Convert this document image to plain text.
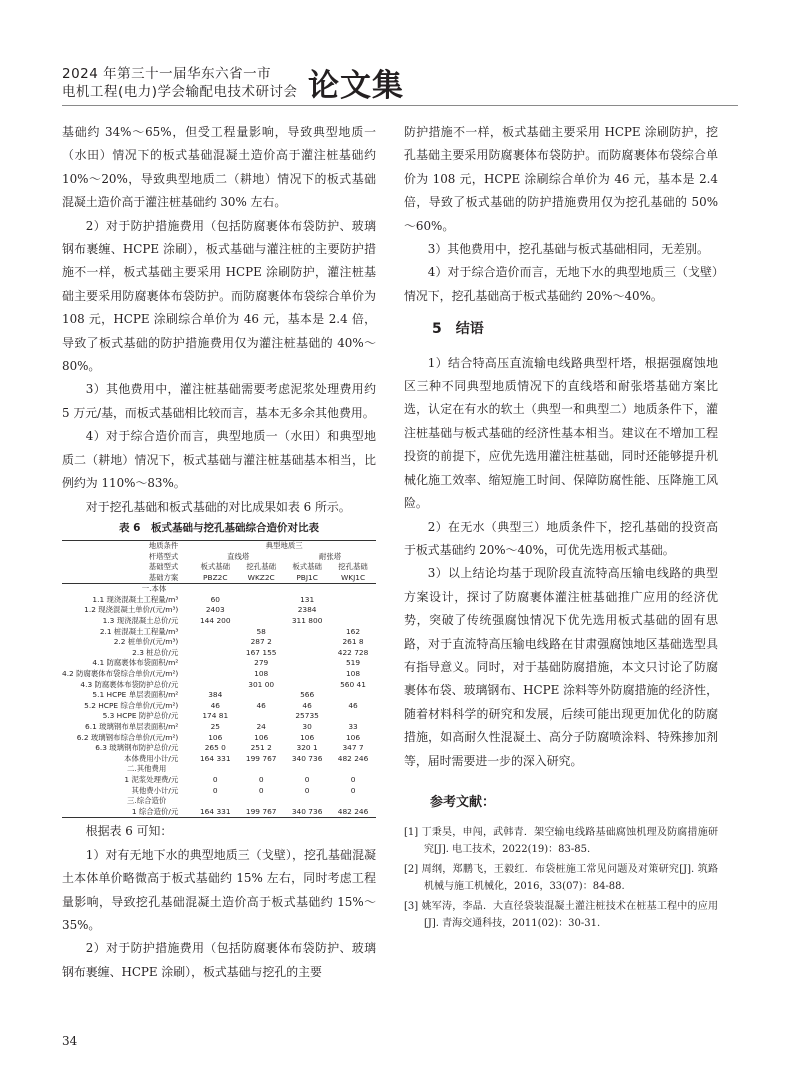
2024 年第三十一届华东六省一市
电机工程(电力)学会输配电技术研讨会 论文集

基础约 34%～65%，但受工程量影响，导致典型地质一（水田）情况下的板式基础混凝土造价高于灌注桩基础约 10%～20%，导致典型地质二（耕地）情况下的板式基础混凝土造价高于灌注桩基础约 30% 左右。

2）对于防护措施费用（包括防腐裹体布袋防护、玻璃钢布裹缠、HCPE 涂刷），板式基础与灌注桩的主要防护措施不一样，板式基础主要采用 HCPE 涂刷防护，灌注桩基础主要采用防腐裹体布袋防护。而防腐裹体布袋综合单价为 108 元，HCPE 涂刷综合单价为 46 元，基本是 2.4 倍，导致了板式基础的防护措施费用仅为灌注桩基础的 40%～80%。

3）其他费用中，灌注桩基础需要考虑泥浆处理费用约 5 万元/基，而板式基础相比较而言，基本无多余其他费用。

4）对于综合造价而言，典型地质一（水田）和典型地质二（耕地）情况下，板式基础与灌注桩基础基本相当，比例约为 110%～83%。

对于挖孔基础和板式基础的对比成果如表 6 所示。

表 6　板式基础与挖孔基础综合造价对比表
地质条件	典型地质三			
杆塔型式	直线塔		耐张塔	
基础型式	板式基础	挖孔基础	板式基础	挖孔基础
基础方案	PBZ2C	WKZ2C	PBJ1C	WKJ1C
一.本体				
1.1 现浇混凝土工程量/m³	60		131	
1.2 现浇混凝土单价/(元/m³)	2403		2384	
1.3 现浇混凝土总价/元	144 200		311 800	
2.1 桩混凝土工程量/m³		58		162
2.2 桩单价/(元/m³)		287 2		261 8
2.3 桩总价/元		167 155		422 728
4.1 防腐裹体布袋面积/m²		279		519
4.2 防腐裹体布袋综合单价/(元/m²)		108		108
4.3 防腐裹体布袋防护总价/元		301 00		560 41
5.1 HCPE 单层表面积/m²	384		566	
5.2 HCPE 综合单价/(元/m²)	46	46	46	46
5.3 HCPE 防护总价/元	174 81		25735	
6.1 玻璃钢布单层表面积/m²	25	24	30	33
6.2 玻璃钢布综合单价/(元/m²)	106	106	106	106
6.3 玻璃钢布防护总价/元	265 0	251 2	320 1	347 7
本体费用小计/元	164 331	199 767	340 736	482 246
二.其他费用				
1 泥浆处理费/元	0	0	0	0
其他费小计/元	0	0	0	0
三.综合造价				
1 综合造价/元	164 331	199 767	340 736	482 246

根据表 6 可知：

1）对有无地下水的典型地质三（戈壁），挖孔基础混凝土本体单价略微高于板式基础约 15% 左右，同时考虑工程量影响，导致挖孔基础混凝土造价高于板式基础约 15%～35%。

2）对于防护措施费用（包括防腐裹体布袋防护、玻璃钢布裹缠、HCPE 涂刷），板式基础与挖孔的主要

防护措施不一样，板式基础主要采用 HCPE 涂刷防护，挖孔基础主要采用防腐裹体布袋防护。而防腐裹体布袋综合单价为 108 元，HCPE 涂刷综合单价为 46 元，基本是 2.4 倍，导致了板式基础的防护措施费用仅为挖孔基础的 50%～60%。

3）其他费用中，挖孔基础与板式基础相同，无差别。

4）对于综合造价而言，无地下水的典型地质三（戈壁）情况下，挖孔基础高于板式基础约 20%～40%。

5　结语

1）结合特高压直流输电线路典型杆塔，根据强腐蚀地区三种不同典型地质情况下的直线塔和耐张塔基础方案比选，认定在有水的软土（典型一和典型二）地质条件下，灌注桩基础与板式基础的经济性基本相当。建议在不增加工程投资的前提下，应优先选用灌注桩基础，同时还能够提升机械化施工效率、缩短施工时间、保障防腐性能、压降施工风险。

2）在无水（典型三）地质条件下，挖孔基础的投资高于板式基础约 20%～40%，可优先选用板式基础。

3）以上结论均基于现阶段直流特高压输电线路的典型方案设计，探讨了防腐裹体灌注桩基础推广应用的经济优势，突破了传统强腐蚀情况下优先选用板式基础的固有思路，对于直流特高压输电线路在甘肃强腐蚀地区基础选型具有指导意义。同时，对于基础防腐措施，本文只讨论了防腐裹体布袋、玻璃钢布、HCPE 涂料等外防腐措施的经济性，随着材料科学的研究和发展，后续可能出现更加优化的防腐措施，如高耐久性混凝土、高分子防腐喷涂料、特殊掺加剂等，届时需要进一步的深入研究。

参考文献：

[1] 丁秉昊，申闯，武韩青．架空输电线路基础腐蚀机理及防腐措施研究[J]. 电工技术，2022(19)：83-85.

[2] 周纲，郑鹏飞，王毅红．布袋桩施工常见问题及对策研究[J]. 筑路机械与施工机械化，2016，33(07)：84-88.

[3] 姚军涛，李晶．大直径袋装混凝土灌注桩技术在桩基工程中的应用[J]. 青海交通科技，2011(02)：30-31.

34
